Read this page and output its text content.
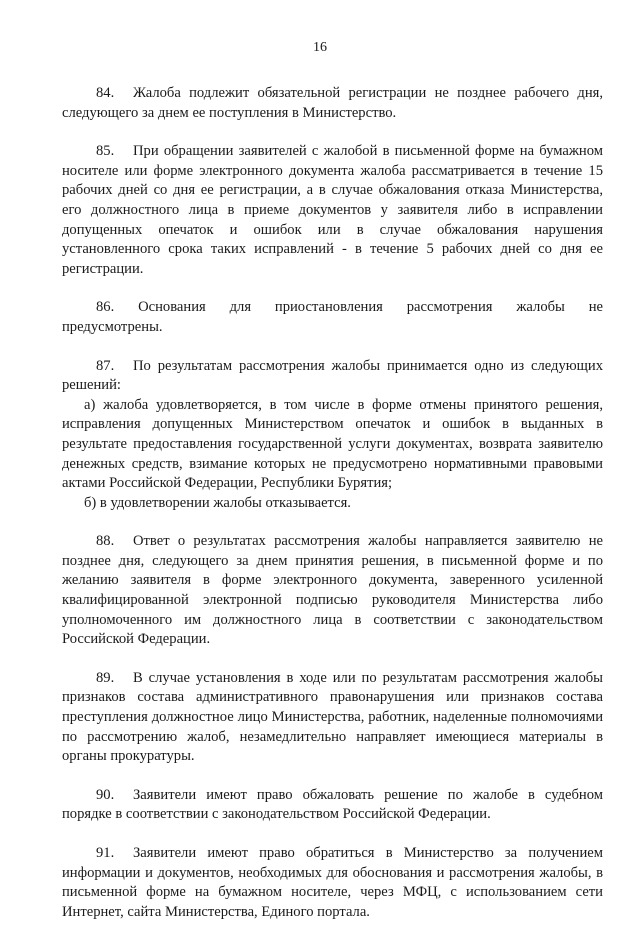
16

84. Жалоба подлежит обязательной регистрации не позднее рабочего дня, следующего за днем ее поступления в Министерство.

85. При обращении заявителей с жалобой в письменной форме на бумажном носителе или форме электронного документа жалоба рассматривается в течение 15 рабочих дней со дня ее регистрации, а в случае обжалования отказа Министерства, его должностного лица в приеме документов у заявителя либо в исправлении допущенных опечаток и ошибок или в случае обжалования нарушения установленного срока таких исправлений - в течение 5 рабочих дней со дня ее регистрации.

86. Основания для приостановления рассмотрения жалобы не
предусмотрены.

87. По результатам рассмотрения жалобы принимается одно из следующих решений:

а) жалоба удовлетворяется, в том числе в форме отмены принятого решения, исправления допущенных Министерством опечаток и ошибок в выданных в результате предоставления государственной услуги документах, возврата заявителю денежных средств, взимание которых не предусмотрено нормативными правовыми актами Российской Федерации, Республики Бурятия;

б) в удовлетворении жалобы отказывается.

88. Ответ о результатах рассмотрения жалобы направляется заявителю не позднее дня, следующего за днем принятия решения, в письменной форме и по желанию заявителя в форме электронного документа, заверенного усиленной квалифицированной электронной подписью руководителя Министерства либо уполномоченного им должностного лица в соответствии с законодательством Российской Федерации.

89. В случае установления в ходе или по результатам рассмотрения жалобы признаков состава административного правонарушения или признаков состава преступления должностное лицо Министерства, работник, наделенные полномочиями по рассмотрению жалоб, незамедлительно направляет имеющиеся материалы в органы прокуратуры.

90. Заявители имеют право обжаловать решение по жалобе в судебном порядке в соответствии с законодательством Российской Федерации.

91. Заявители имеют право обратиться в Министерство за получением информации и документов, необходимых для обоснования и рассмотрения жалобы, в письменной форме на бумажном носителе, через МФЦ, с использованием сети Интернет, сайта Министерства, Единого портала.
